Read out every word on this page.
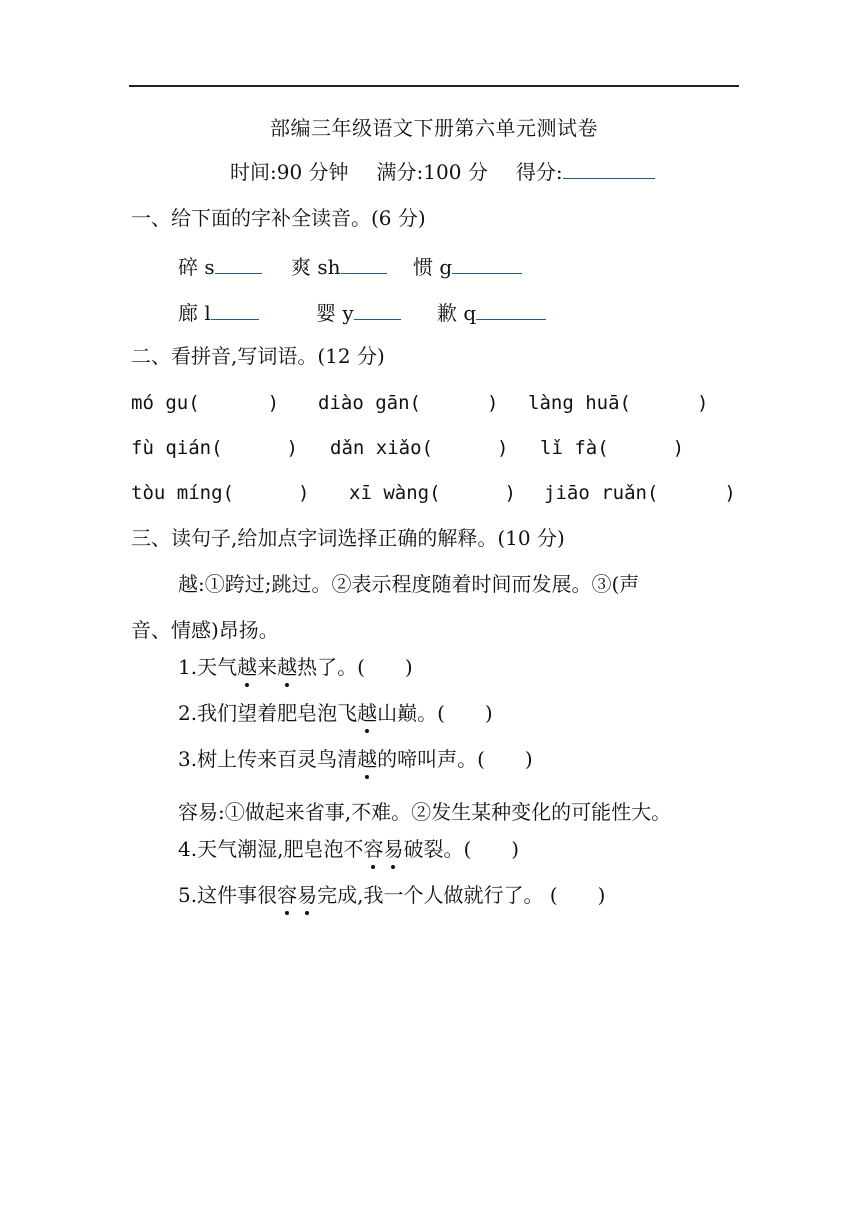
部编三年级语文下册第六单元测试卷
时间:90 分钟 满分:100 分 得分:
一、给下面的字补全读音。(6 分)
碎 s	爽 sh	惯 g
廊 l	婴 y	歉 q
二、看拼音,写词语。(12 分)
mó gu(	) diào gān(	) làng huā(	)
fù qián(	) dǎn xiǎo(	) lǐ fà(	)
tòu míng(	) xī wàng(	) jiāo ruǎn(	)
三、读句子,给加点字词选择正确的解释。(10 分)
越:①跨过;跳过。②表示程度随着时间而发展。③(声
音、情感)昂扬。
1.天气越来越热了。( )
2.我们望着肥皂泡飞越山巅。( )
3.树上传来百灵鸟清越的啼叫声。( )
容易:①做起来省事,不难。②发生某种变化的可能性大。
4.天气潮湿,肥皂泡不容易破裂。( )
5.这件事很容易完成,我一个人做就行了。 ( )
